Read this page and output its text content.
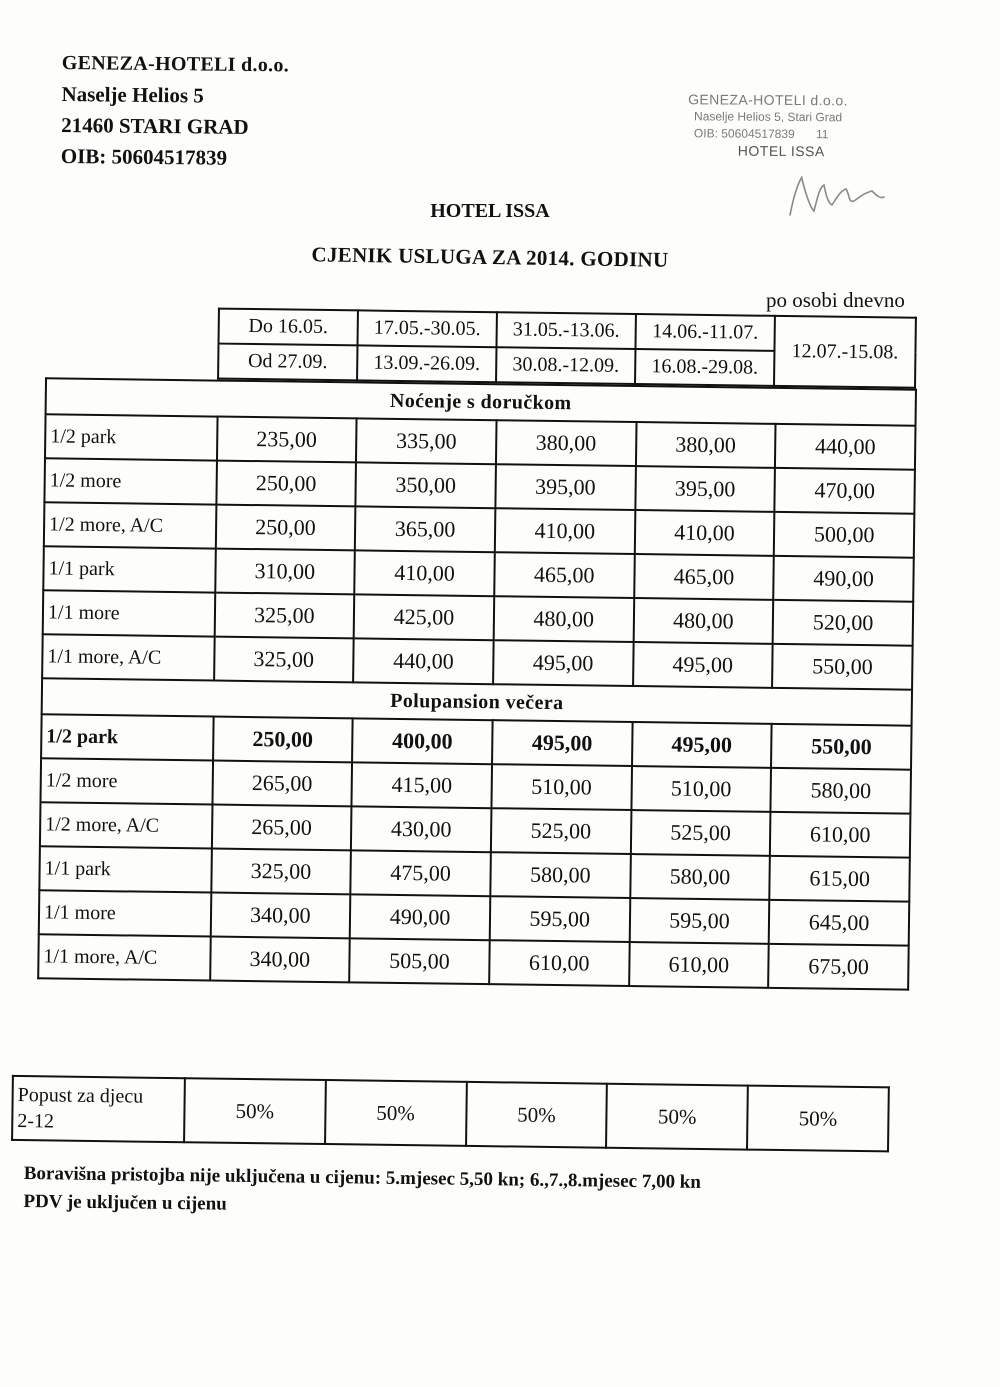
GENEZA-HOTELI d.o.o.
Naselje Helios 5
21460 STARI GRAD
OIB: 50604517839
GENEZA-HOTELI d.o.o.
Naselje Helios 5, Stari Grad
OIB: 50604517839 11
HOTEL ISSA
HOTEL ISSA
CJENIK USLUGA ZA 2014. GODINU
po osobi dnevno
Do 16.05.	17.05.-30.05.	31.05.-13.06.	14.06.-11.07.	12.07.-15.08.
Od 27.09.	13.09.-26.09.	30.08.-12.09.	16.08.-29.08.	
Noćenje s doručkom					
1/2 park	235,00	335,00	380,00	380,00	440,00
1/2 more	250,00	350,00	395,00	395,00	470,00
1/2 more, A/C	250,00	365,00	410,00	410,00	500,00
1/1 park	310,00	410,00	465,00	465,00	490,00
1/1 more	325,00	425,00	480,00	480,00	520,00
1/1 more, A/C	325,00	440,00	495,00	495,00	550,00
Polupansion večera					
1/2 park	250,00	400,00	495,00	495,00	550,00
1/2 more	265,00	415,00	510,00	510,00	580,00
1/2 more, A/C	265,00	430,00	525,00	525,00	610,00
1/1 park	325,00	475,00	580,00	580,00	615,00
1/1 more	340,00	490,00	595,00	595,00	645,00
1/1 more, A/C	340,00	505,00	610,00	610,00	675,00
Popust za djecu
2-12	50%	50%	50%	50%	50%
Boravišna pristojba nije uključena u cijenu: 5.mjesec 5,50 kn; 6.,7.,8.mjesec 7,00 kn
PDV je uključen u cijenu
